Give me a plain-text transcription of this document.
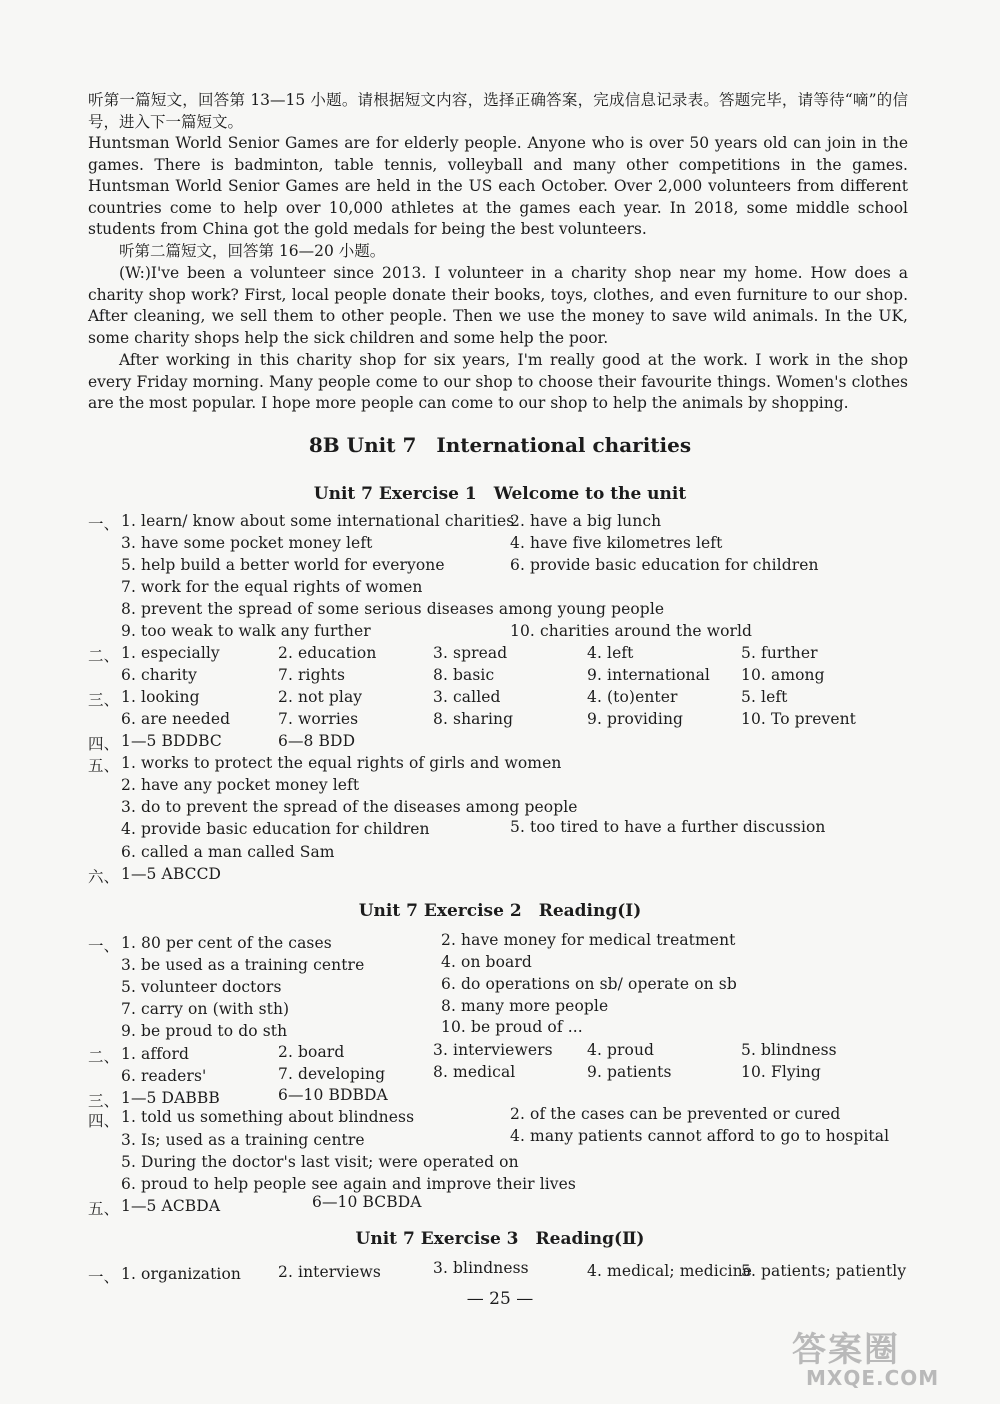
听第一篇短文，回答第 13—15 小题。请根据短文内容，选择正确答案，完成信息记录表。答题完毕，请等待“嘀”的信号，进入下一篇短文。
Huntsman World Senior Games are for elderly people. Anyone who is over 50 years old can join in the games. There is badminton, table tennis, volleyball and many other competitions in the games. Huntsman World Senior Games are held in the US each October. Over 2,000 volunteers from different countries come to help over 10,000 athletes at the games each year. In 2018, some middle school students from China got the gold medals for being the best volunteers.
听第二篇短文，回答第 16—20 小题。
(W:)I've been a volunteer since 2013. I volunteer in a charity shop near my home. How does a charity shop work? First, local people donate their books, toys, clothes, and even furniture to our shop. After cleaning, we sell them to other people. Then we use the money to save wild animals. In the UK, some charity shops help the sick children and some help the poor.
After working in this charity shop for six years, I'm really good at the work. I work in the shop every Friday morning. Many people come to our shop to choose their favourite things. Women's clothes are the most popular. I hope more people can come to our shop to help the animals by shopping.
8B Unit 7　International charities
Unit 7 Exercise 1　Welcome to the unit
一、 1. learn/ know about some international charities
2. have a big lunch
3. have some pocket money left	4. have five kilometres left
5. help build a better world for everyone	6. provide basic education for children
7. work for the equal rights of women
8. prevent the spread of some serious diseases among young people
9. too weak to walk any further	10. charities around the world
二、 1. especially	2. education	3. spread	4. left	5. further
6. charity	7. rights	8. basic	9. international 10. among
三、 1. looking	2. not play	3. called	4. (to)enter	5. left
6. are needed	7. worries	8. sharing	9. providing	10. To prevent
四、 1—5 BDDBC	6—8 BDD
五、 1. works to protect the equal rights of girls and women
2. have any pocket money left
3. do to prevent the spread of the diseases among people
4. provide basic education for children	5. too tired to have a further discussion
6. called a man called Sam
六、 1—5 ABCCD
Unit 7 Exercise 2　Reading(Ⅰ)
一、 1. 80 per cent of the cases	2. have money for medical treatment
3. be used as a training centre	4. on board
5. volunteer doctors	6. do operations on sb/ operate on sb
7. carry on (with sth)	8. many more people
9. be proud to do sth	10. be proud of ...
二、 1. afford	2. board	3. interviewers 4. proud	5. blindness
6. readers'	7. developing	8. medical	9. patients	10. Flying
三、 1—5 DABBB	6—10 BDBDA
四、 1. told us something about blindness	2. of the cases can be prevented or cured
3. Is; used as a training centre	4. many patients cannot afford to go to hospital
5. During the doctor's last visit; were operated on
6. proud to help people see again and improve their lives
五、 1—5 ACBDA	6—10 BCBDA
Unit 7 Exercise 3　Reading(Ⅱ)
一、 1. organization 2. interviews	3. blindness	4. medical; medicine
5. patients; patiently
— 25 —
答案圈
MXQE.COM
